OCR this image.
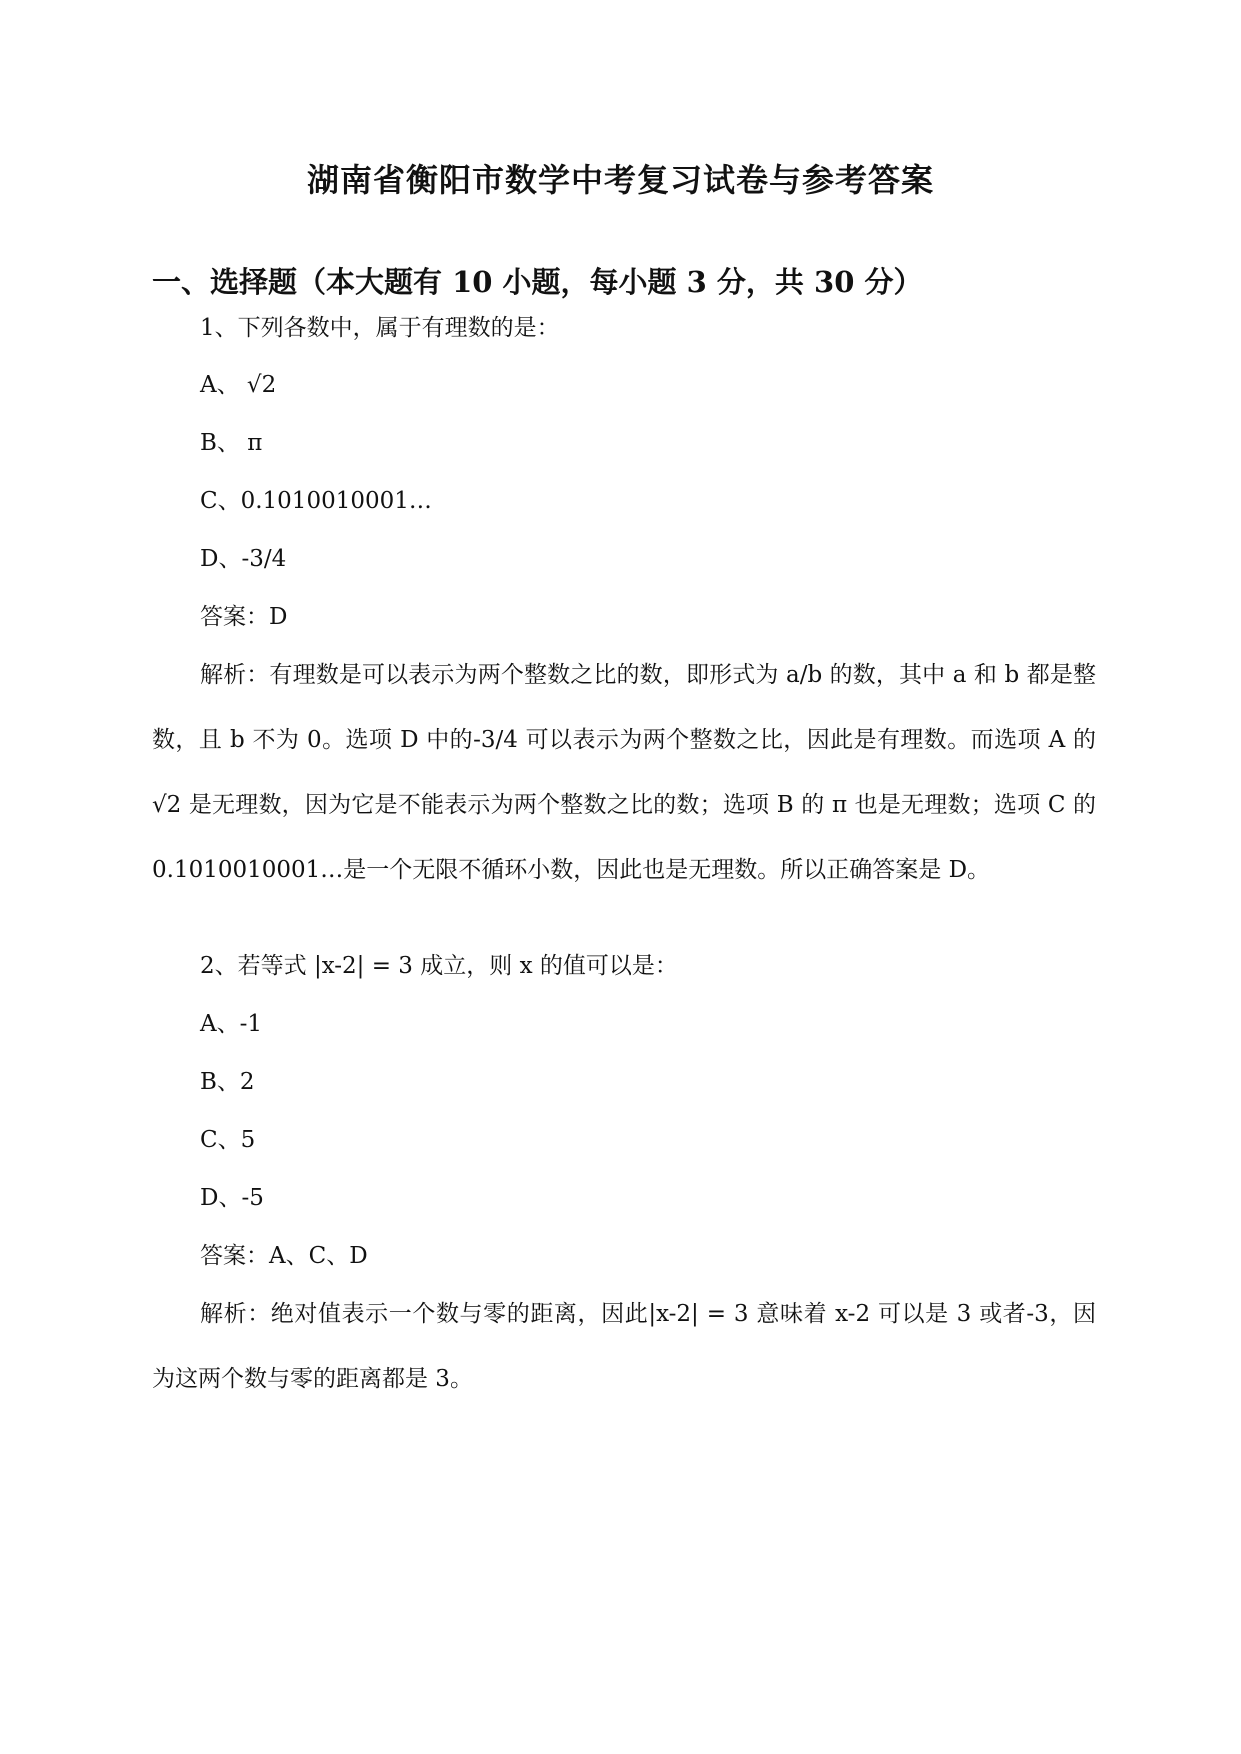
湖南省衡阳市数学中考复习试卷与参考答案
一、选择题（本大题有 10 小题，每小题 3 分，共 30 分）
1、下列各数中，属于有理数的是：
A、 √2
B、 π
C、0.1010010001…
D、-3/4
答案：D
解析：有理数是可以表示为两个整数之比的数，即形式为 a/b 的数，其中 a 和 b 都是整数，且 b 不为 0。选项 D 中的-3/4 可以表示为两个整数之比，因此是有理数。而选项 A 的 √2 是无理数，因为它是不能表示为两个整数之比的数；选项 B 的 π 也是无理数；选项 C 的 0.1010010001…是一个无限不循环小数，因此也是无理数。所以正确答案是 D。
2、若等式 |x-2| = 3 成立，则 x 的值可以是：
A、-1
B、2
C、5
D、-5
答案：A、C、D
解析：绝对值表示一个数与零的距离，因此|x-2| = 3 意味着 x-2 可以是 3 或者-3，因为这两个数与零的距离都是 3。
